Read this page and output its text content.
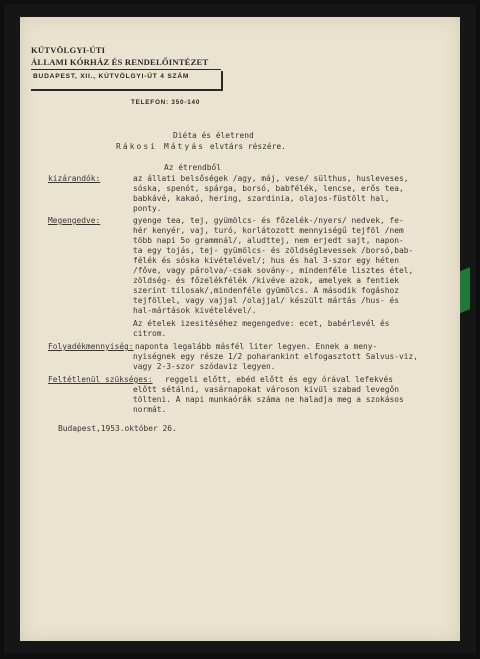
KÚTVÖLGYI-ÚTI
ÁLLAMI KÓRHÁZ ÉS RENDELŐINTÉZET
BUDAPEST, XII., KÚTVÖLGYI-ÚT 4 SZÁM
TELEFON: 350-140
Diéta és életrend
Rákosi Mátyás elvtárs részére.
Az étrendből
kizárandók:	az állati belsőségek /agy, máj, vese/ sülthus, husleveses,
sóska, spenót, spárga, borsó, babfélék, lencse, erős tea,
babkávé, kakaó, hering, szardinia, olajos-füstölt hal,
ponty.
Megengedve:	gyenge tea, tej, gyümölcs- és főzelék-/nyers/ nedvek, fe-
hér kenyér, vaj, turó, korlátozott mennyiségű tejföl /nem
több napi 5o grammnál/, aludttej, nem erjedt sajt, napon-
ta egy tojás, tej- gyümölcs- és zöldséglevessek /borsó,bab-
félék és sóska kivételével/; hus és hal 3-szor egy héten
/főve, vagy párolva/-csak sovány-, mindenféle lisztes étel,
zöldség- és főzelékfélék /kivéve azok, amelyek a fentiek
szerint tilosak/,mindenféle gyümölcs. A második fogáshoz
tejföllel, vagy vajjal /olajjal/ készült mártás /hus- és
hal-mártások kivételével/.
Az ételek izesitéséhez megengedve: ecet, babérlevél és
citrom.
Folyadékmennyiség: naponta legalább másfél liter legyen. Ennek a meny-
nyiségnek egy része 1/2 poharankint elfogasztott Salvus-viz,
vagy 2-3-szor szódaviz legyen.
Feltétlenül szükséges: reggeli előtt, ebéd előtt és egy órával lefekvés
előtt sétálni, vasárnapokat városon kivül szabad levegőn
tölteni. A napi munkaórák száma ne haladja meg a szokásos
normát.
Budapest,1953.október 26.
